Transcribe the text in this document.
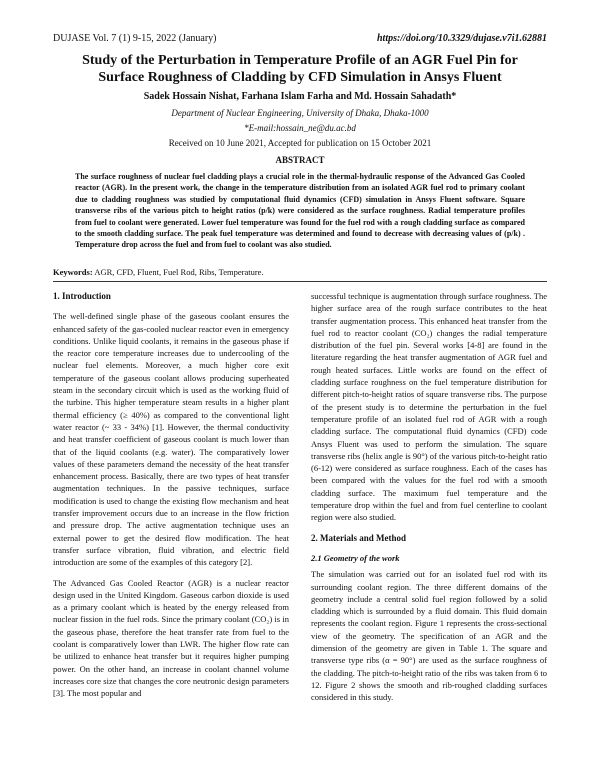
DUJASE Vol. 7 (1) 9-15, 2022 (January)	https://doi.org/10.3329/dujase.v7i1.62881
Study of the Perturbation in Temperature Profile of an AGR Fuel Pin for Surface Roughness of Cladding by CFD Simulation in Ansys Fluent
Sadek Hossain Nishat, Farhana Islam Farha and Md. Hossain Sahadath*
Department of Nuclear Engineering, University of Dhaka, Dhaka-1000
*E-mail:hossain_ne@du.ac.bd
Received on 10 June 2021, Accepted for publication on 15 October 2021
ABSTRACT
The surface roughness of nuclear fuel cladding plays a crucial role in the thermal-hydraulic response of the Advanced Gas Cooled reactor (AGR). In the present work, the change in the temperature distribution from an isolated AGR fuel rod to primary coolant due to cladding roughness was studied by computational fluid dynamics (CFD) simulation in Ansys Fluent software. Square transverse ribs of the various pitch to height ratios (p/k) were considered as the surface roughness. Radial temperature profiles from fuel to coolant were generated. Lower fuel temperature was found for the fuel rod with a rough cladding surface as compared to the smooth cladding surface. The peak fuel temperature was determined and found to decrease with decreasing values of (p/k) . Temperature drop across the fuel and from fuel to coolant was also studied.
Keywords: AGR, CFD, Fluent, Fuel Rod, Ribs, Temperature.
1. Introduction

The well-defined single phase of the gaseous coolant ensures the enhanced safety of the gas-cooled nuclear reactor even in emergency conditions. Unlike liquid coolants, it remains in the gaseous phase if the reactor core temperature increases due to undercooling of the nuclear fuel elements. Moreover, a much higher core exit temperature of the gaseous coolant allows producing superheated steam in the secondary circuit which is used as the working fluid of the turbine. This higher temperature steam results in a higher plant thermal efficiency (≥ 40%) as compared to the conventional light water reactor (~ 33 - 34%) [1]. However, the thermal conductivity and heat transfer coefficient of gaseous coolant is much lower than that of the liquid coolants (e.g. water). The comparatively lower values of these parameters demand the necessity of the heat transfer enhancement process. Basically, there are two types of heat transfer augmentation techniques. In the passive techniques, surface modification is used to change the existing flow mechanism and heat transfer improvement occurs due to an increase in the flow friction and pressure drop. The active augmentation technique uses an external power to get the desired flow modification. The heat transfer surface vibration, fluid vibration, and electric field introduction are some of the examples of this category [2].

The Advanced Gas Cooled Reactor (AGR) is a nuclear reactor design used in the United Kingdom. Gaseous carbon dioxide is used as a primary coolant which is heated by the energy released from nuclear fission in the fuel rods. Since the primary coolant (CO₂) is in the gaseous phase, therefore the heat transfer rate from fuel to the coolant is comparatively lower than LWR. The higher flow rate can be utilized to enhance heat transfer but it requires higher pumping power. On the other hand, an increase in coolant channel volume increases core size that changes the core neutronic design parameters [3]. The most popular and

successful technique is augmentation through surface roughness. The higher surface area of the rough surface contributes to the heat transfer augmentation process. This enhanced heat transfer from the fuel rod to reactor coolant (CO₂) changes the radial temperature distribution of the fuel pin. Several works [4-8] are found in the literature regarding the heat transfer augmentation of AGR fuel and rough heated surfaces. Little works are found on the effect of cladding surface roughness on the fuel temperature distribution for different pitch-to-height ratios of square transverse ribs. The purpose of the present study is to determine the perturbation in the fuel temperature profile of an isolated fuel rod of AGR with a rough cladding surface. The computational fluid dynamics (CFD) code Ansys Fluent was used to perform the simulation. The square transverse ribs (helix angle is 90°) of the various pitch-to-height ratio (6-12) were considered as surface roughness. Each of the cases has been compared with the values for the fuel rod with a smooth cladding surface. The maximum fuel temperature and the temperature drop within the fuel and from fuel centerline to coolant region were also studied.

2. Materials and Method
2.1 Geometry of the work

The simulation was carried out for an isolated fuel rod with its surrounding coolant region. The three different domains of the geometry include a central solid fuel region followed by a solid cladding which is surrounded by a fluid domain. This fluid domain represents the coolant region. Figure 1 represents the cross-sectional view of the geometry. The specification of an AGR and the dimension of the geometry are given in Table 1. The square and transverse type ribs (α = 90°) are used as the surface roughness of the cladding. The pitch-to-height ratio of the ribs was taken from 6 to 12. Figure 2 shows the smooth and rib-roughed cladding surfaces considered in this study.
